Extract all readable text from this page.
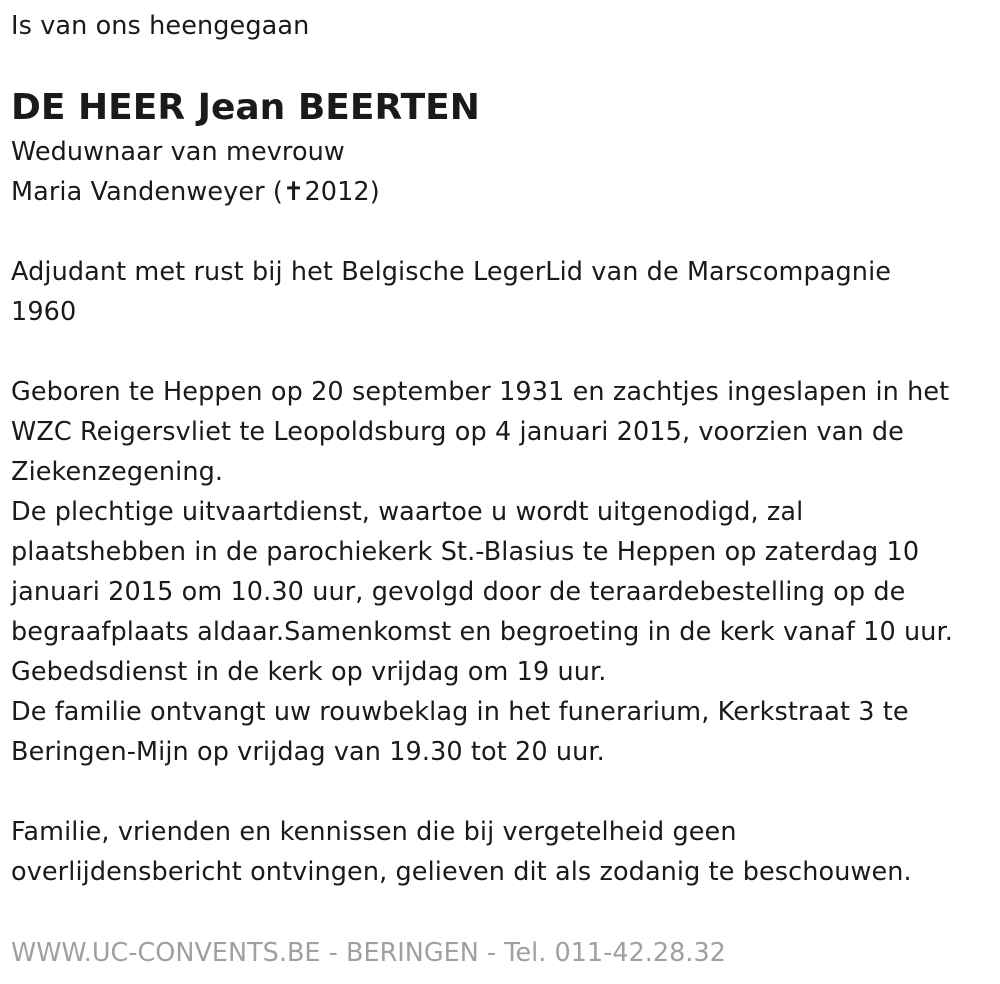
Is van ons heengegaan
DE HEER Jean BEERTEN
Weduwnaar van mevrouw
Maria Vandenweyer (✝2012)
Adjudant met rust bij het Belgische LegerLid van de Marscompagnie
1960
Geboren te Heppen op 20 september 1931 en zachtjes ingeslapen in het
WZC Reigersvliet te Leopoldsburg op 4 januari 2015, voorzien van de
Ziekenzegening.
De plechtige uitvaartdienst, waartoe u wordt uitgenodigd, zal
plaatshebben in de parochiekerk St.-Blasius te Heppen op zaterdag 10
januari 2015 om 10.30 uur, gevolgd door de teraardebestelling op de
begraafplaats aldaar.Samenkomst en begroeting in de kerk vanaf 10 uur.
Gebedsdienst in de kerk op vrijdag om 19 uur.
De familie ontvangt uw rouwbeklag in het funerarium, Kerkstraat 3 te
Beringen-Mijn op vrijdag van 19.30 tot 20 uur.
Familie, vrienden en kennissen die bij vergetelheid geen
overlijdensbericht ontvingen, gelieven dit als zodanig te beschouwen.
WWW.UC-CONVENTS.BE - BERINGEN - Tel. 011-42.28.32
